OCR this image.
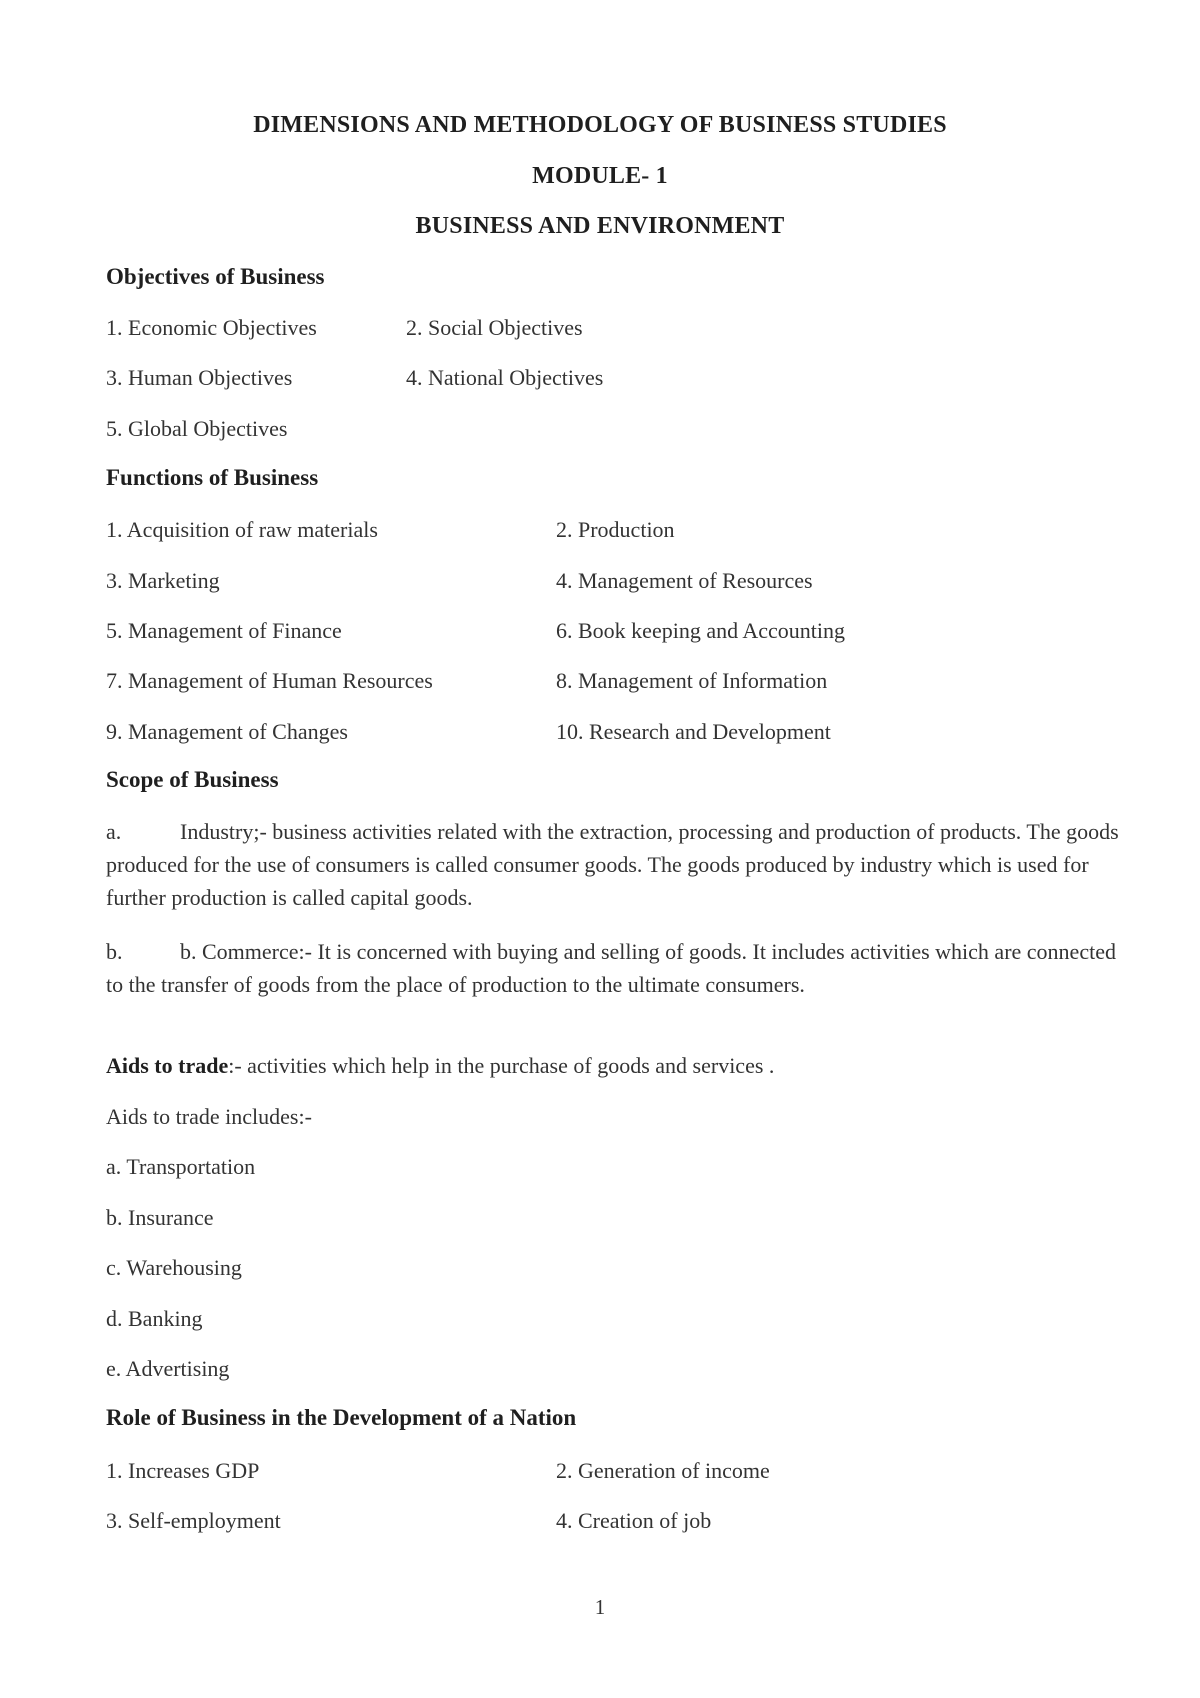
DIMENSIONS AND METHODOLOGY OF BUSINESS STUDIES
MODULE- 1
BUSINESS AND ENVIRONMENT
Objectives of Business
1. Economic Objectives	2. Social Objectives
3. Human Objectives	4. National Objectives
5. Global Objectives
Functions of Business
1. Acquisition of raw materials	2. Production
3. Marketing	4. Management of Resources
5. Management of Finance	6. Book keeping and Accounting
7. Management of Human Resources	8. Management of Information
9. Management of Changes	10. Research and Development
Scope of Business
a.	Industry;- business activities related with the extraction, processing and production of products. The goods produced for the use of consumers is called consumer goods. The goods produced by industry which is used for further production is called capital goods.
b.	b. Commerce:- It is concerned with buying and selling of goods. It includes activities which are connected to the transfer of goods from the place of production to the ultimate consumers.
Aids to trade:- activities which help in the purchase of goods and services .
Aids to trade includes:-
a. Transportation
b. Insurance
c. Warehousing
d. Banking
e. Advertising
Role of Business in the Development of a Nation
1. Increases GDP	2. Generation of income
3. Self-employment	4. Creation of job
1
